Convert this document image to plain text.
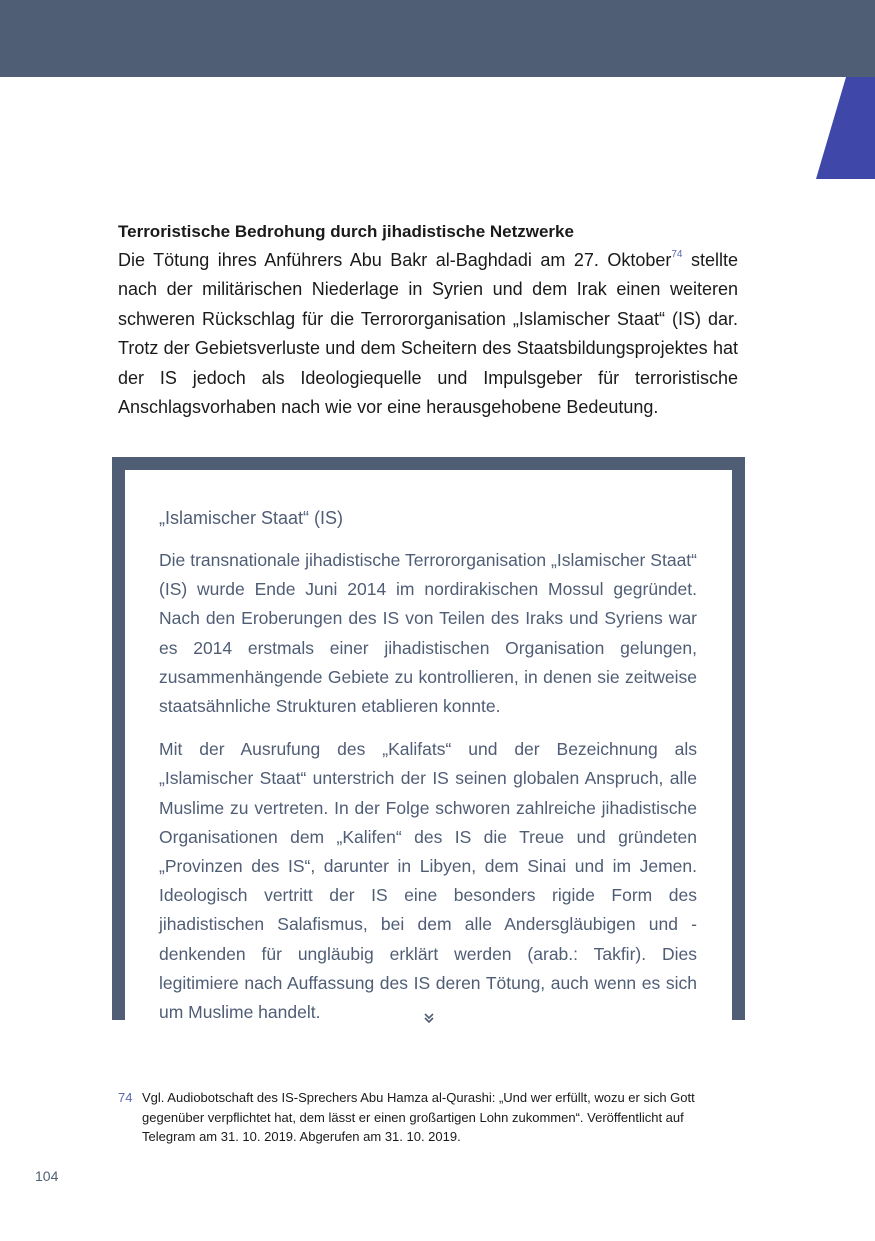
Terroristische Bedrohung durch jihadistische Netzwerke

Die Tötung ihres Anführers Abu Bakr al-Baghdadi am 27. Oktober$^{74}$ stellte nach der militärischen Niederlage in Syrien und dem Irak einen weiteren schweren Rückschlag für die Terrororganisation „Islamischer Staat“ (IS) dar. Trotz der Gebietsverluste und dem Scheitern des Staatsbildungsprojektes hat der IS jedoch als Ideologiequelle und Impulsgeber für terroristische Anschlagsvorhaben nach wie vor eine herausgehobene Bedeutung.

„Islamischer Staat“ (IS)

Die transnationale jihadistische Terrororganisation „Islamischer Staat“ (IS) wurde Ende Juni 2014 im nordirakischen Mossul gegründet. Nach den Eroberungen des IS von Teilen des Iraks und Syriens war es 2014 erstmals einer jihadistischen Organisation gelungen, zusammenhängende Gebiete zu kontrollieren, in denen sie zeitweise staatsähnliche Strukturen etablieren konnte.

Mit der Ausrufung des „Kalifats“ und der Bezeichnung als „Islamischer Staat“ unterstrich der IS seinen globalen Anspruch, alle Muslime zu vertreten. In der Folge schworen zahlreiche jihadistische Organisationen dem „Kalifen“ des IS die Treue und gründeten „Provinzen des IS“, darunter in Libyen, dem Sinai und im Jemen. Ideologisch vertritt der IS eine besonders rigide Form des jihadistischen Salafismus, bei dem alle Andersgläubigen und -denkenden für ungläubig erklärt werden (arab.: Takfir). Dies legitimiere nach Auffassung des IS deren Tötung, auch wenn es sich um Muslime handelt.

74 Vgl. Audiobotschaft des IS-Sprechers Abu Hamza al-Qurashi: „Und wer erfüllt, wozu er sich Gott gegenüber verpflichtet hat, dem lässt er einen großartigen Lohn zukommen“. Veröffentlicht auf Telegram am 31. 10. 2019. Abgerufen am 31. 10. 2019.
104
